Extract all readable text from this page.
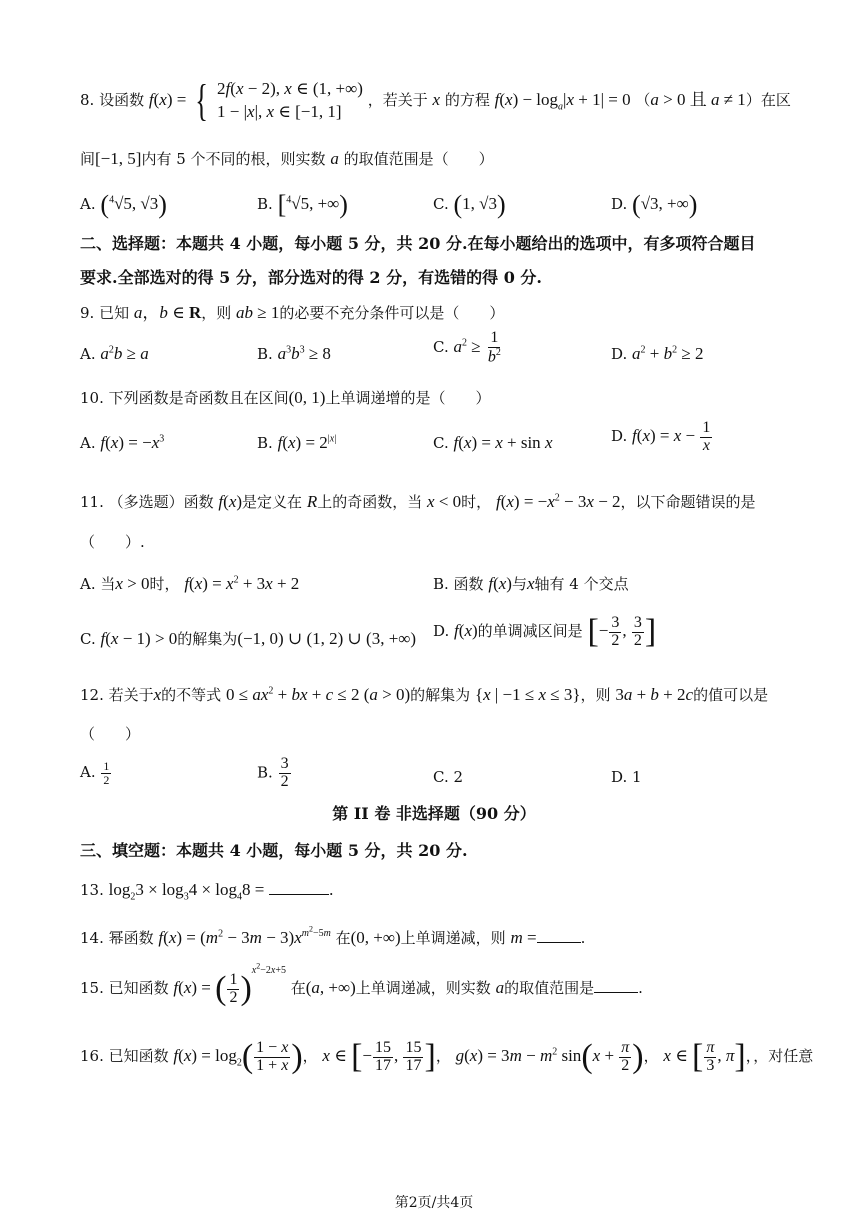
8. 设函数 f(x) = { 2f(x − 2), x ∈ (1, +∞)
1 − |x|, x ∈ [−1, 1]
，若关于 x 的方程 $f(x) - \log_a|x + 1| = 0$ （a > 0 且 a ≠ 1）在区
间[−1, 5]内有 5 个不同的根，则实数 a 的取值范围是（　　）
A. ($^4$√5, √3)	B. [$^4$√5, +∞)	C. (1, √3)	D. (√3, +∞)
二、选择题：本题共 4 小题，每小题 5 分，共 20 分.在每小题给出的选项中，有多项符合题目
要求.全部选对的得 5 分，部分选对的得 2 分，有选错的得 0 分.
9. 已知 a，b ∈ R，则 ab ≥ 1的必要不充分条件可以是（　　）
A. $a^2b \ge a$	B. $a^3b^3 \ge 8$	C. $a^2 \ge \frac{1}{b^2}$	D. $a^2 + b^2 \ge 2$
10. 下列函数是奇函数且在区间(0, 1)上单调递增的是（　　）
A. $f(x) = -x^3$	B. $f(x) = 2^{|x|}$	C. f(x) = x + sin x	D. $f(x) = x - \frac{1}{x}$
11. （多选题）函数 f(x)是定义在 R上的奇函数，当 x < 0时， $f(x) = -x^2 - 3x - 2$，以下命题错误的是
（　　）.
A. 当x > 0时， $f(x) = x^2 + 3x + 2$	B. 函数 f(x)与x轴有 4 个交点
C. f(x − 1) > 0的解集为(−1, 0) ∪ (1, 2) ∪ (3, +∞) D. f(x)的单调减区间是 [− $\frac{3}{2}$ , $\frac{3}{2}$ ]
12. 若关于x的不等式 $0 \le ax^2$ + bx + c ≤ 2 (a > 0)的解集为 {x | −1 ≤ x ≤ 3}，则 3a + b + 2c的值可以是
（　　）
A. $\frac{1}{2}$	B. $\frac{3}{2}$	C. 2	D. 1
第 II 卷 非选择题（90 分）
三、填空题：本题共 4 小题，每小题 5 分，共 20 分.
13. $\log_23 \times \log_34 \times \log_48$ =	.
14. 幂函数 $f(x) = (m^2 - 3m - 3)x^{m^2-5m}$ 在(0, +∞)上单调递减，则 m =	.
15. 已知函数 f(x) = ( $\frac{1}{2} )^{x^2-2x+5}$ 在(a, +∞)上单调递减，则实数 a的取值范围是	.
16. 已知函数 $f(x) = \log_2( \frac{1 - x}{1 + x}$ )， x ∈ [− $\frac{15}{17}$ , $\frac{15}{17}$ ]， $g(x) = 3m - m^2$ $\sin(x + \frac{\pi}{2}$ )， x ∈ [ $\frac{\pi}{3}$ , π]，，对任意
第2页/共4页
